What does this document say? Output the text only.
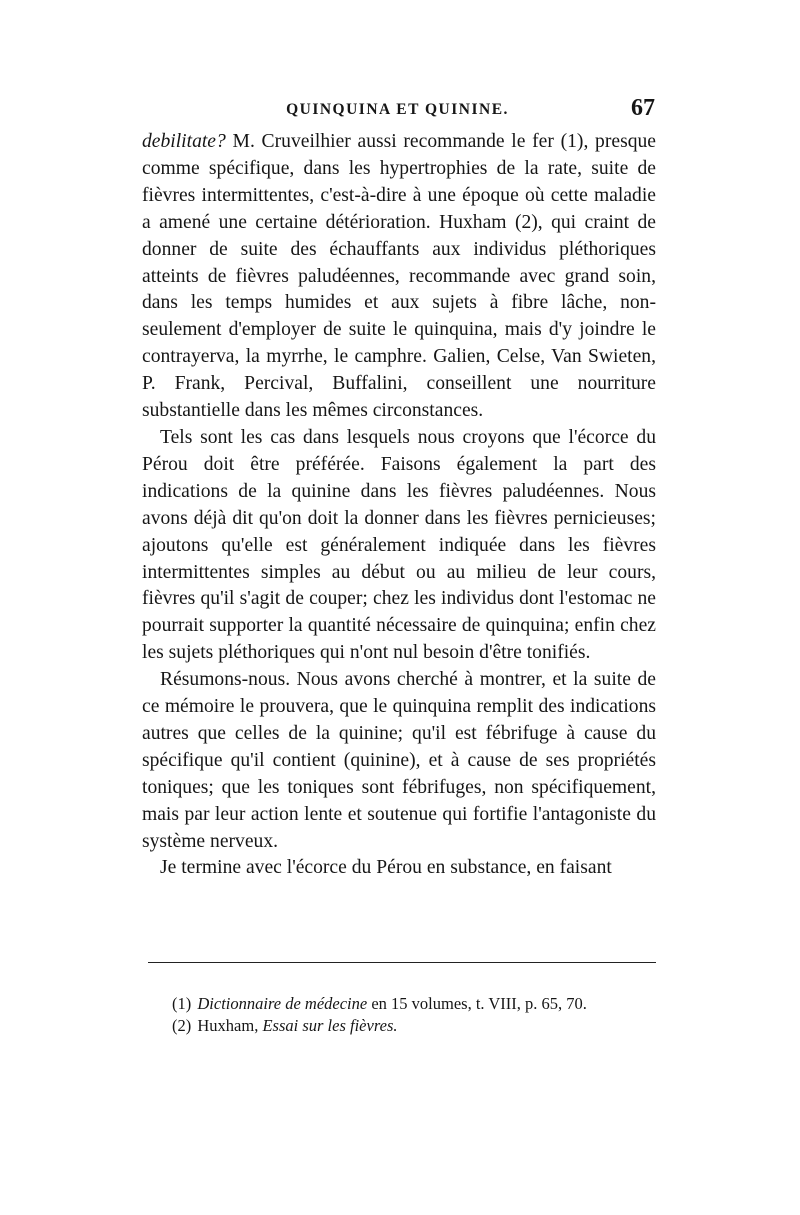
QUINQUINA ET QUININE.	67

debilitate? M. Cruveilhier aussi recommande le fer (1), presque comme spécifique, dans les hypertrophies de la rate, suite de fièvres intermittentes, c'est-à-dire à une époque où cette maladie a amené une certaine détérioration. Huxham (2), qui craint de donner de suite des échauffants aux individus pléthoriques atteints de fièvres paludéennes, recommande avec grand soin, dans les temps humides et aux sujets à fibre lâche, non-seulement d'employer de suite le quinquina, mais d'y joindre le contrayerva, la myrrhe, le camphre. Galien, Celse, Van Swieten, P. Frank, Percival, Buffalini, conseillent une nourriture substantielle dans les mêmes circonstances.

Tels sont les cas dans lesquels nous croyons que l'écorce du Pérou doit être préférée. Faisons également la part des indications de la quinine dans les fièvres paludéennes. Nous avons déjà dit qu'on doit la donner dans les fièvres pernicieuses; ajoutons qu'elle est généralement indiquée dans les fièvres intermittentes simples au début ou au milieu de leur cours, fièvres qu'il s'agit de couper; chez les individus dont l'estomac ne pourrait supporter la quantité nécessaire de quinquina; enfin chez les sujets pléthoriques qui n'ont nul besoin d'être tonifiés.

Résumons-nous. Nous avons cherché à montrer, et la suite de ce mémoire le prouvera, que le quinquina remplit des indications autres que celles de la quinine; qu'il est fébrifuge à cause du spécifique qu'il contient (quinine), et à cause de ses propriétés toniques; que les toniques sont fébrifuges, non spécifiquement, mais par leur action lente et soutenue qui fortifie l'antagoniste du système nerveux.

Je termine avec l'écorce du Pérou en substance, en faisant

(1) Dictionnaire de médecine en 15 volumes, t. VIII, p. 65, 70.

(2) Huxham, Essai sur les fièvres.
